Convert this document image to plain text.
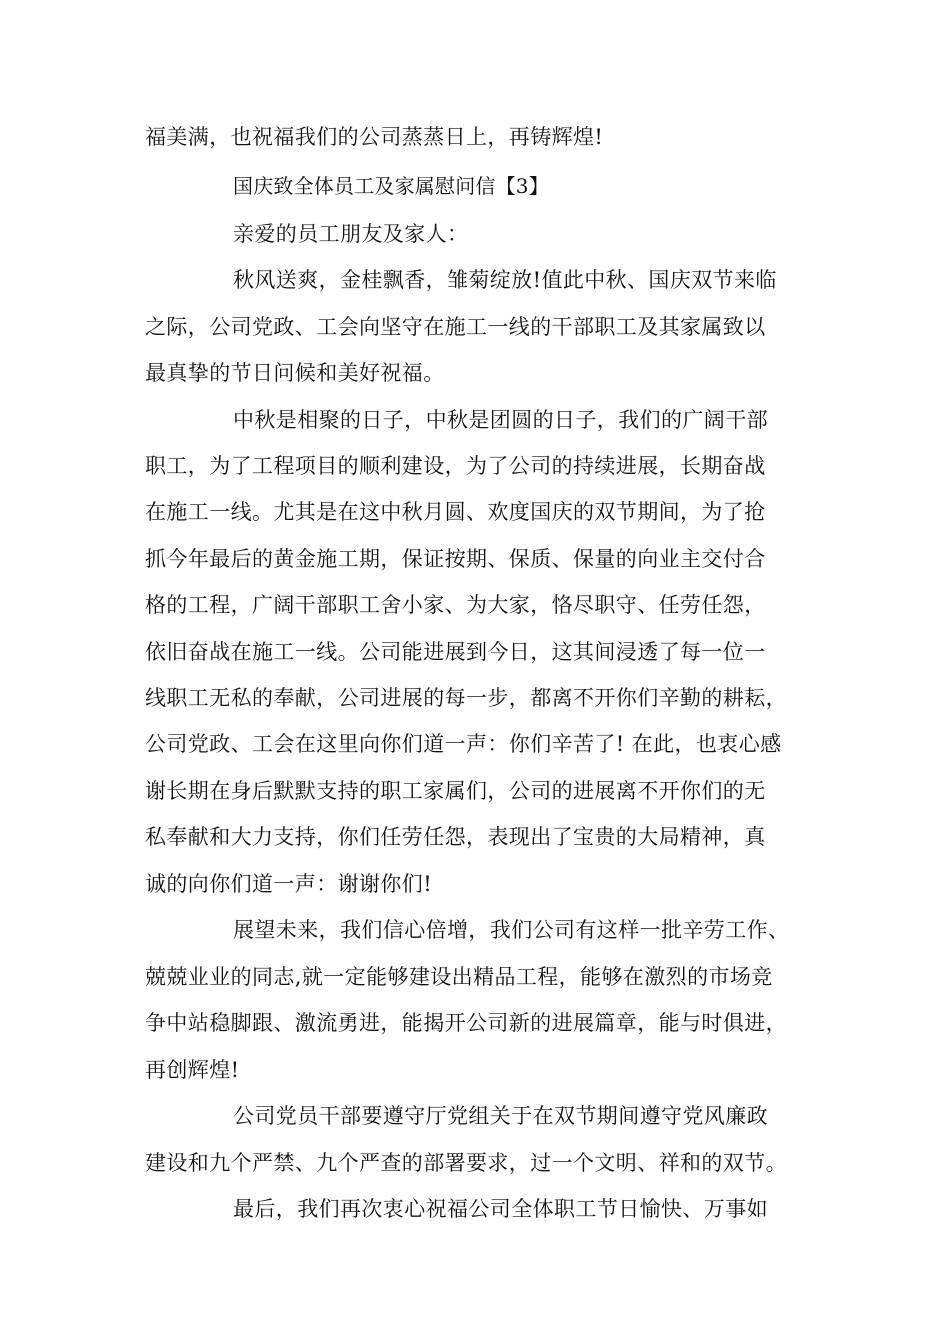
福美满，也祝福我们的公司蒸蒸日上，再铸辉煌!
国庆致全体员工及家属慰问信【3】
亲爱的员工朋友及家人：
秋风送爽，金桂飘香，雏菊绽放!值此中秋、国庆双节来临
之际，公司党政、工会向坚守在施工一线的干部职工及其家属致以
最真挚的节日问候和美好祝福。
中秋是相聚的日子，中秋是团圆的日子，我们的广阔干部
职工，为了工程项目的顺利建设，为了公司的持续进展，长期奋战
在施工一线。尤其是在这中秋月圆、欢度国庆的双节期间，为了抢
抓今年最后的黄金施工期，保证按期、保质、保量的向业主交付合
格的工程，广阔干部职工舍小家、为大家，恪尽职守、任劳任怨，
依旧奋战在施工一线。公司能进展到今日，这其间浸透了每一位一
线职工无私的奉献，公司进展的每一步，都离不开你们辛勤的耕耘，
公司党政、工会在这里向你们道一声：你们辛苦了! 在此，也衷心感
谢长期在身后默默支持的职工家属们，公司的进展离不开你们的无
私奉献和大力支持，你们任劳任怨，表现出了宝贵的大局精神，真
诚的向你们道一声：谢谢你们!
展望未来，我们信心倍增，我们公司有这样一批辛劳工作、
兢兢业业的同志,就一定能够建设出精品工程，能够在激烈的市场竞
争中站稳脚跟、激流勇进，能揭开公司新的进展篇章，能与时俱进，
再创辉煌!
公司党员干部要遵守厅党组关于在双节期间遵守党风廉政
建设和九个严禁、九个严查的部署要求，过一个文明、祥和的双节。
最后，我们再次衷心祝福公司全体职工节日愉快、万事如
